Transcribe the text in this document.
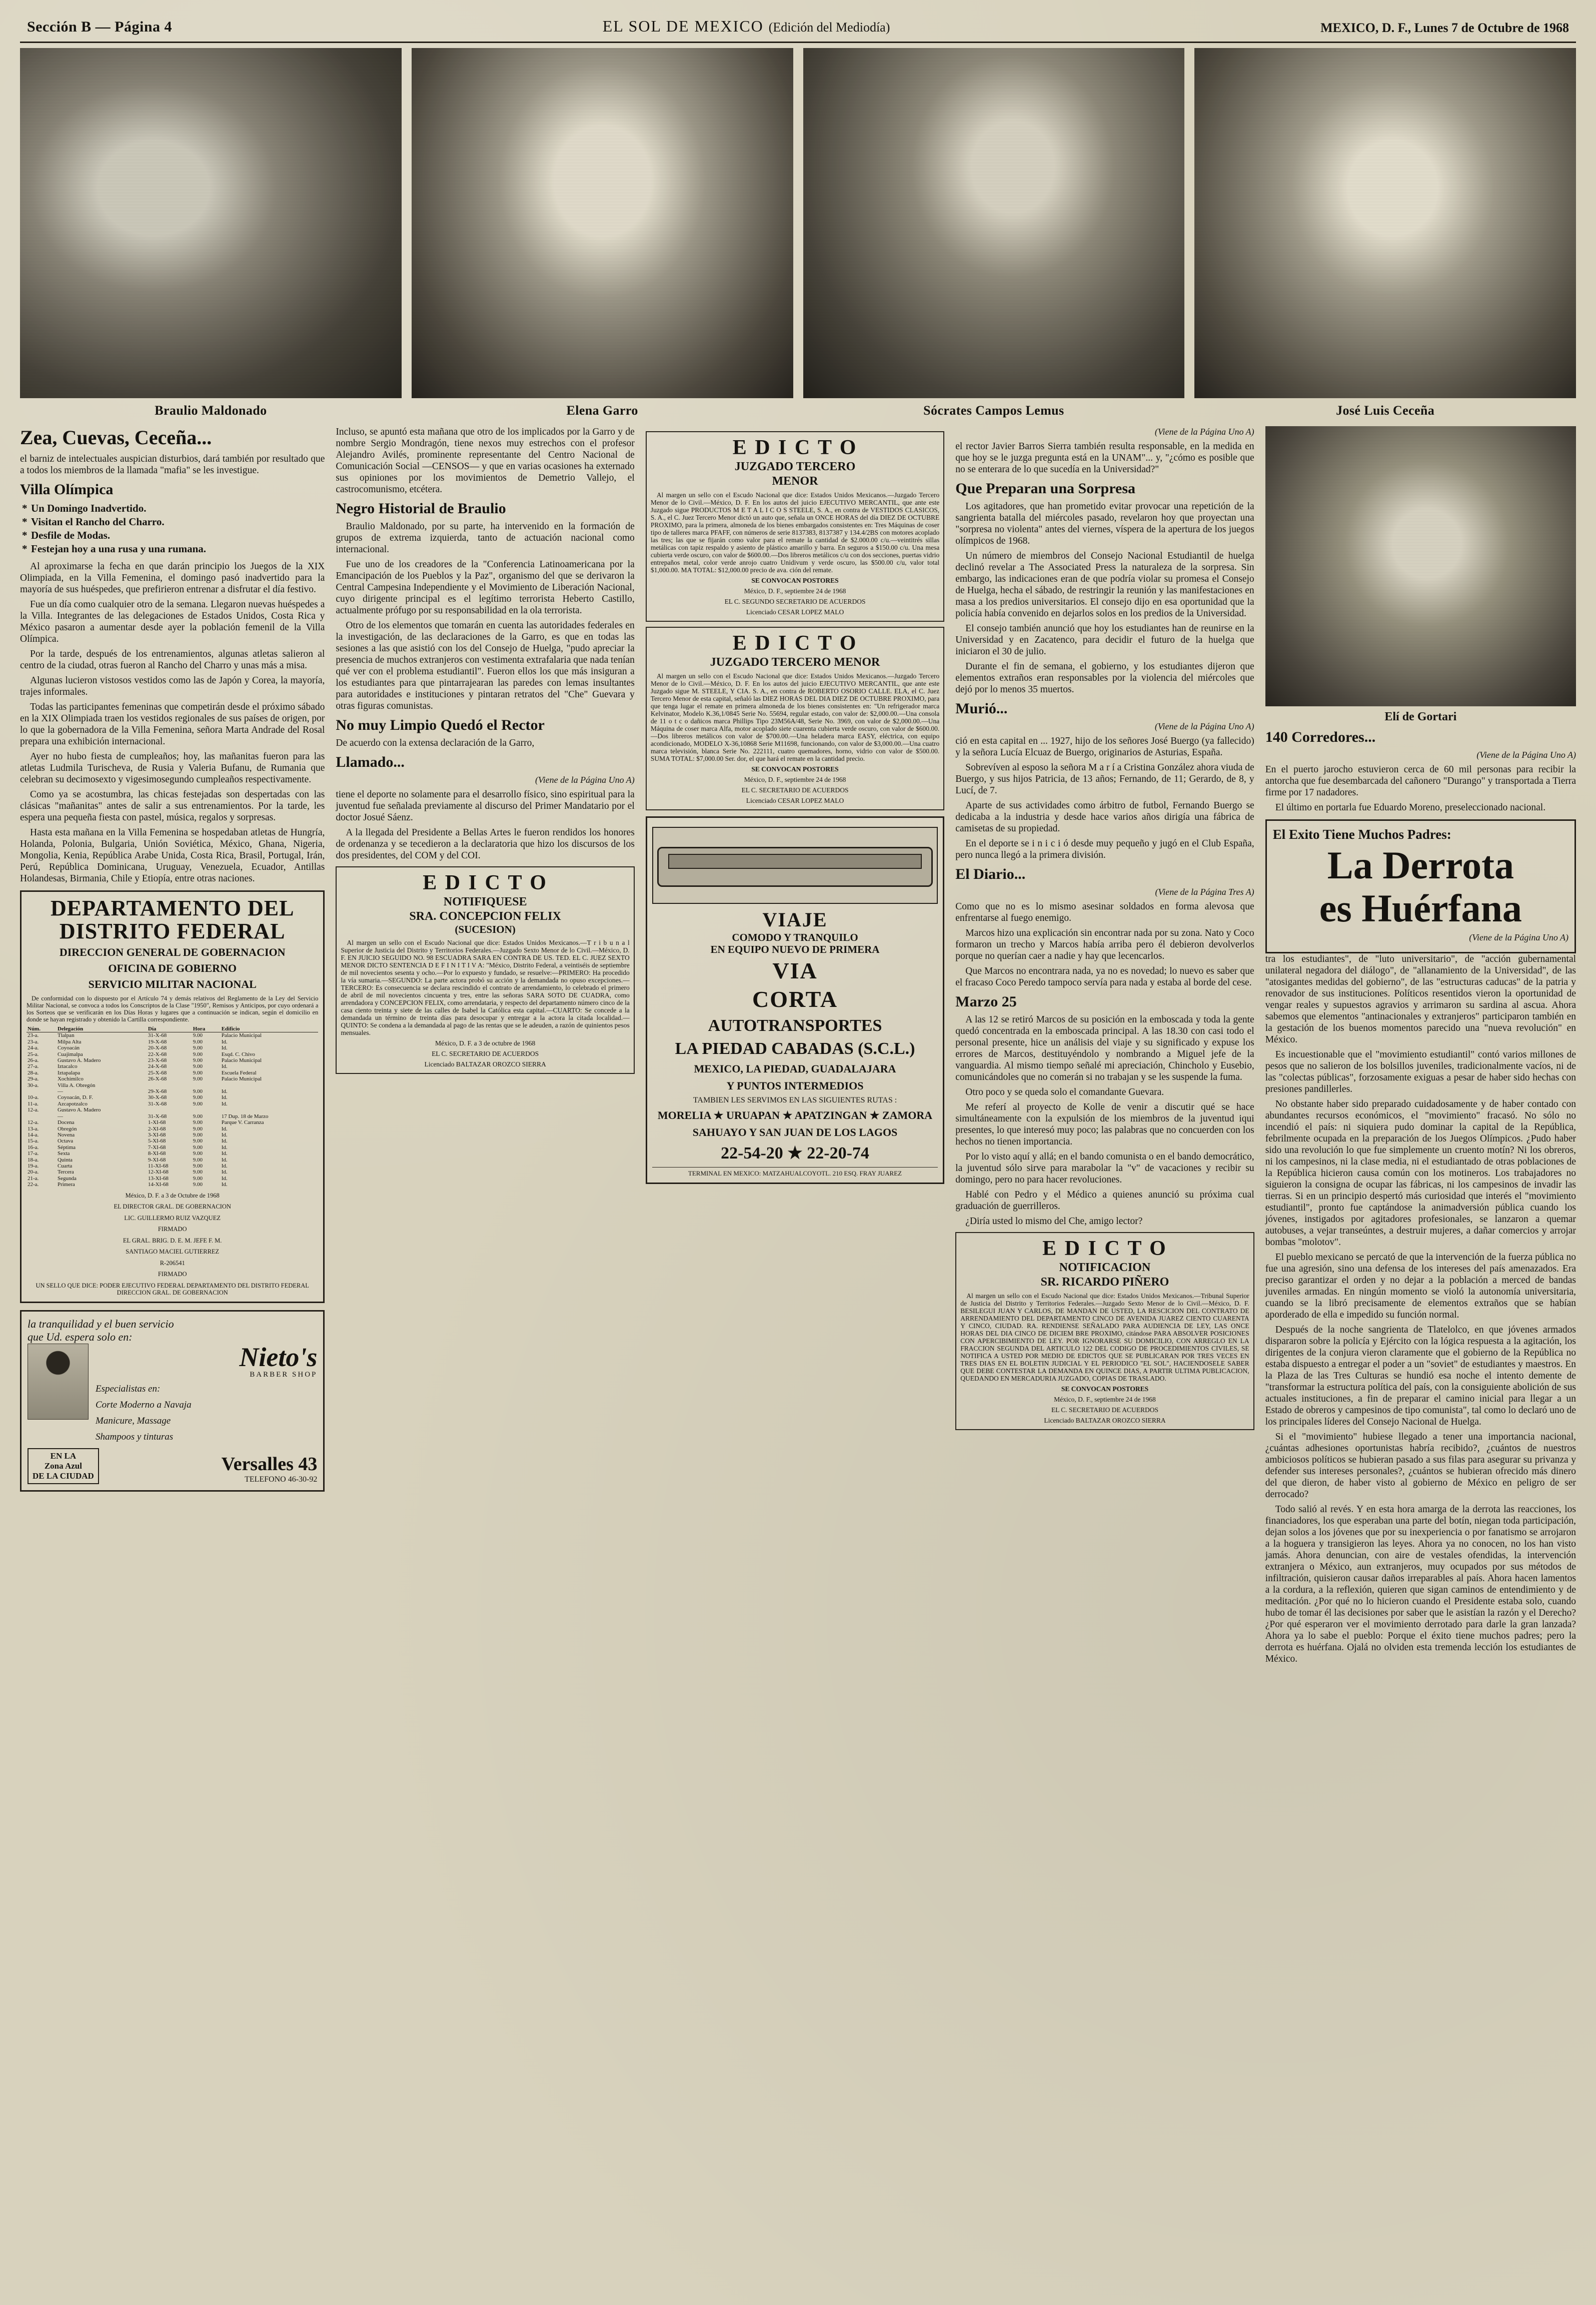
Sección B — Página 4	EL SOL DE MEXICO (Edición del Mediodía)	MEXICO, D. F., Lunes 7 de Octubre de 1968
Braulio Maldonado	Elena Garro	Sócrates Campos Lemus	José Luis Ceceña
Zea, Cuevas, Ceceña...

el barniz de intelectuales auspician disturbios, dará también por resultado que a todos los miembros de la llamada "mafia" se les investigue.

Villa Olímpica
* Un Domingo Inadvertido.
* Visitan el Rancho del Charro.
* Desfile de Modas.
* Festejan hoy a una rusa y una rumana.

Al aproximarse la fecha en que darán principio los Juegos de la XIX Olimpiada, en la Villa Femenina, el domingo pasó inadvertido para la mayoría de sus huéspedes, que prefirieron entrenar a disfrutar el día festivo.

Fue un día como cualquier otro de la semana. Llegaron nuevas huéspedes a la Villa. Integrantes de las delegaciones de Estados Unidos, Costa Rica y México pasaron a aumentar desde ayer la población femenil de la Villa Olímpica.

Por la tarde, después de los entrenamientos, algunas atletas salieron al centro de la ciudad, otras fueron al Rancho del Charro y unas más a misa.

Algunas lucieron vistosos vestidos como las de Japón y Corea, la mayoría, trajes informales.

Todas las participantes femeninas que competirán desde el próximo sábado en la XIX Olimpiada traen los vestidos regionales de sus países de origen, por lo que la gobernadora de la Villa Femenina, señora Marta Andrade del Rosal prepara una exhibición internacional.

Ayer no hubo fiesta de cumpleaños; hoy, las mañanitas fueron para las atletas Ludmila Turischeva, de Rusia y Valeria Bufanu, de Rumania que celebran su decimosexto y vigesimosegundo cumpleaños respectivamente.

Como ya se acostumbra, las chicas festejadas son despertadas con las clásicas "mañanitas" antes de salir a sus entrenamientos. Por la tarde, les espera una pequeña fiesta con pastel, música, regalos y sorpresas.

Hasta esta mañana en la Villa Femenina se hospedaban atletas de Hungría, Holanda, Polonia, Bulgaria, Unión Soviética, México, Ghana, Nigeria, Mongolia, Kenia, República Arabe Unida, Costa Rica, Brasil, Portugal, Irán, Perú, República Dominicana, Uruguay, Venezuela, Ecuador, Antillas Holandesas, Birmania, Chile y Etiopía, entre otras naciones.

DEPARTAMENTO DEL
DISTRITO FEDERAL
DIRECCION GENERAL DE GOBERNACION
OFICINA DE GOBIERNO
SERVICIO MILITAR NACIONAL
De conformidad con lo dispuesto por el Artículo 74 y demás relativos del Reglamento de la Ley del Servicio Militar Nacional, se convoca a todos los Conscriptos de la Clase "1950", Remisos y Anticipos, por cuyo ordenará a los Sorteos que se verificarán en los Días Horas y lugares que a continuación se indican, según el domicilio en donde se hayan registrado y obtenido la Cartilla correspondiente.
Núm.	Delegación	Día	Hora	Edificio
23-a.	Tlalpan	31-X-68	9.00	Palacio Municipal
23-a.	Milpa Alta	19-X-68	9.00	Id.
24-a.	Coyoacán	20-X-68	9.00	Id.
25-a.	Cuajimalpa	22-X-68	9.00	Esqd. C. Chivo
26-a.	Gustavo A. Madero	23-X-68	9.00	Palacio Municipal
27-a.	Iztacalco	24-X-68	9.00	Id.
28-a.	Iztapalapa	25-X-68	9.00	Escuela Federal
29-a.	Xochimilco	26-X-68	9.00	Palacio Municipal
30-a.	Villa A. Obregón			
	—	29-X-68	9.00	Id.
10-a.	Coyoacán, D. F.	30-X-68	9.00	Id.
11-a.	Azcapotzalco	31-X-68	9.00	Id.
12-a.	Gustavo A. Madero			
	—	31-X-68	9.00	17 Dup. 18 de Marzo
12-a.	Docena	1-XI-68	9.00	Parque V. Carranza
13-a.	Obregón	2-XI-68	9.00	Id.
14-a.	Novena	3-XI-68	9.00	Id.
15-a.	Octava	5-XI-68	9.00	Id.
16-a.	Séptima	7-XI-68	9.00	Id.
17-a.	Sexta	8-XI-68	9.00	Id.
18-a.	Quinta	9-XI-68	9.00	Id.
19-a.	Cuarta	11-XI-68	9.00	Id.
20-a.	Tercera	12-XI-68	9.00	Id.
21-a.	Segunda	13-XI-68	9.00	Id.
22-a.	Primera	14-XI-68	9.00	Id.
México, D. F. a 3 de Octubre de 1968
EL DIRECTOR GRAL. DE GOBERNACION
LIC. GUILLERMO RUIZ VAZQUEZ
FIRMADO
EL GRAL. BRIG. D. E. M. JEFE F. M.
SANTIAGO MACIEL GUTIERREZ
R-206541
FIRMADO
UN SELLO QUE DICE: PODER EJECUTIVO FEDERAL DEPARTAMENTO DEL DISTRITO FEDERAL DIRECCION GRAL. DE GOBERNACION
la tranquilidad y el buen servicio
que Ud. espera solo en:
Nieto's
BARBER SHOP
Especialistas en:
Corte Moderno a Navaja
Manicure, Massage
Shampoos y tinturas
EN LA
Zona Azul
DE LA CIUDAD
Versalles 43
TELEFONO 46-30-92

Incluso, se apuntó esta mañana que otro de los implicados por la Garro y de nombre Sergio Mondragón, tiene nexos muy estrechos con el profesor Alejandro Avilés, prominente representante del Centro Nacional de Comunicación Social —CENSOS— y que en varias ocasiones ha externado sus opiniones por los movimientos de Demetrio Vallejo, el castrocomunismo, etcétera.

Negro Historial de Braulio

Braulio Maldonado, por su parte, ha intervenido en la formación de grupos de extrema izquierda, tanto de actuación nacional como internacional.

Fue uno de los creadores de la "Conferencia Latinoamericana por la Emancipación de los Pueblos y la Paz", organismo del que se derivaron la Central Campesina Independiente y el Movimiento de Liberación Nacional, cuyo dirigente principal es el legítimo terrorista Heberto Castillo, actualmente prófugo por su responsabilidad en la ola terrorista.

Otro de los elementos que tomarán en cuenta las autoridades federales en la investigación, de las declaraciones de la Garro, es que en todas las sesiones a las que asistió con los del Consejo de Huelga, "pudo apreciar la presencia de muchos extranjeros con vestimenta extrafalaria que nada tenían qué ver con el problema estudiantil". Fueron ellos los que más insiguran a los estudiantes para que pintarrajearan las paredes con lemas insultantes para autoridades e instituciones y pintaran retratos del "Che" Guevara y otras figuras comunistas.

No muy Limpio Quedó el Rector

De acuerdo con la extensa declaración de la Garro,

Llamado...

(Viene de la Página Uno A)

tiene el deporte no solamente para el desarrollo físico, sino espiritual para la juventud fue señalada previamente al discurso del Primer Mandatario por el doctor Josué Sáenz.

A la llegada del Presidente a Bellas Artes le fueron rendidos los honores de ordenanza y se tecedieron a la declaratoria que hizo los discursos de los dos presidentes, del COM y del COI.

E D I C T O
NOTIFIQUESE
SRA. CONCEPCION FELIX
(SUCESION)
Al margen un sello con el Escudo Nacional que dice: Estados Unidos Mexicanos.—T r i b u n a l Superior de Justicia del Distrito y Territorios Federales.—Juzgado Sexto Menor de lo Civil.—México, D. F. EN JUICIO SEGUIDO NO. 98 ESCUADRA SARA EN CONTRA DE US. TED. EL C. JUEZ SEXTO MENOR DICTO SENTENCIA D E F I N I T I V A: "México, Distrito Federal, a veintiséis de septiembre de mil novecientos sesenta y ocho.—Por lo expuesto y fundado, se resuelve:—PRIMERO: Ha procedido la vía sumaria.—SEGUNDO: La parte actora probó su acción y la demandada no opuso excepciones.—TERCERO: Es consecuencia se declara rescindido el contrato de arrendamiento, lo celebrado el primero de abril de mil novecientos cincuenta y tres, entre las señoras SARA SOTO DE CUADRA, como arrendadora y CONCEPCION FELIX, como arrendataria, y respecto del departamento número cinco de la casa ciento treinta y siete de las calles de Isabel la Católica esta capital.—CUARTO: Se concede a la demandada un término de treinta días para desocupar y entregar a la actora la citada localidad.—QUINTO: Se condena a la demandada al pago de las rentas que se le adeuden, a razón de quinientos pesos mensuales.
México, D. F. a 3 de octubre de 1968
EL C. SECRETARIO DE ACUERDOS
Licenciado BALTAZAR OROZCO SIERRA
E D I C T O
JUZGADO TERCERO
MENOR
Al margen un sello con el Escudo Nacional que dice: Estados Unidos Mexicanos.—Juzgado Tercero Menor de lo Civil.—México, D. F. En los autos del juicio EJECUTIVO MERCANTIL, que ante este Juzgado sigue PRODUCTOS M E T A L I C O S STEELE, S. A., en contra de VESTIDOS CLASICOS, S. A., el C. Juez Tercero Menor dictó un auto que, señala un ONCE HORAS del día DIEZ DE OCTUBRE PROXIMO, para la primera, almoneda de los bienes embargados consistentes en: Tres Máquinas de coser tipo de talleres marca PFAFF, con números de serie 8137383, 8137387 y 134.4/2BS con motores acoplado las tres; las que se fijarán como valor para el remate la cantidad de $2.000.00 c/u.—veintitrés sillas metálicas con tapiz respaldo y asiento de plástico amarillo y barra. En seguros a $150.00 c/u. Una mesa cubierta verde oscuro, con valor de $600.00.—Dos libreros metálicos c/u con dos secciones, puertas vidrio entrepaños metal, color verde anrojo cuatro Unidivum y verde oscuro, las $500.00 c/u, valor total $1,000.00. MA TOTAL: $12,000.00 precio de ava. ción del remate.
SE CONVOCAN POSTORES
México, D. F., septiembre 24 de 1968
EL C. SEGUNDO SECRETARIO DE ACUERDOS
Licenciado CESAR LOPEZ MALO
E D I C T O
JUZGADO TERCERO MENOR
Al margen un sello con el Escudo Nacional que dice: Estados Unidos Mexicanos.—Juzgado Tercero Menor de lo Civil.—México, D. F. En los autos del juicio EJECUTIVO MERCANTIL, que ante este Juzgado sigue M. STEELE, Y CIA. S. A., en contra de ROBERTO OSORIO CALLE. ELA, el C. Juez Tercero Menor de esta capital, señaló las DIEZ HORAS DEL DIA DIEZ DE OCTUBRE PROXIMO, para que tenga lugar el remate en primera almoneda de los bienes consistentes en: "Un refrigerador marca Kelvinator, Modelo K.36,1/0845 Serie No. 55694, regular estado, con valor de: $2,000.00.—Una consola de 11 o t c o dañicos marca Phillips Tipo 23M56A/48, Serie No. 3969, con valor de $2,000.00.—Una Máquina de coser marca Alfa, motor acoplado siete cuarenta cubierta verde oscuro, con valor de $600.00.—Dos libreros metálicos con valor de $700.00.—Una heladera marca EASY, eléctrica, con equipo acondicionado, MODELO X-36,10868 Serie M11698, funcionando, con valor de $3,000.00.—Una cuatro marca televisión, blanca Serie No. 222111, cuatro quemadores, horno, vidrio con valor de $500.00. SUMA TOTAL: $7,000.00 Ser. dor, el que hará el remate en la cantidad precio.
SE CONVOCAN POSTORES
México, D. F., septiembre 24 de 1968
EL C. SECRETARIO DE ACUERDOS
Licenciado CESAR LOPEZ MALO
VIAJE
COMODO Y TRANQUILO
EN EQUIPO NUEVO DE PRIMERA
VIA
CORTA
AUTOTRANSPORTES
LA PIEDAD CABADAS (S.C.L.)
MEXICO, LA PIEDAD, GUADALAJARA
Y PUNTOS INTERMEDIOS
TAMBIEN LES SERVIMOS EN LAS SIGUIENTES RUTAS :
MORELIA ★ URUAPAN ★ APATZINGAN ★ ZAMORA
SAHUAYO Y SAN JUAN DE LOS LAGOS
22-54-20 ★ 22-20-74
TERMINAL EN MEXICO: MATZAHUALCOYOTL. 210 ESQ. FRAY JUAREZ

(Viene de la Página Uno A)

el rector Javier Barros Sierra también resulta responsable, en la medida en que hoy se le juzga pregunta está en la UNAM"... y, "¿cómo es posible que no se enterara de lo que sucedía en la Universidad?"

Que Preparan una Sorpresa

Los agitadores, que han prometido evitar provocar una repetición de la sangrienta batalla del miércoles pasado, revelaron hoy que proyectan una "sorpresa no violenta" antes del viernes, víspera de la apertura de los juegos olímpicos de 1968.

Un número de miembros del Consejo Nacional Estudiantil de huelga declinó revelar a The Associated Press la naturaleza de la sorpresa. Sin embargo, las indicaciones eran de que podría violar su promesa el Consejo de Huelga, hecha el sábado, de restringir la reunión y las manifestaciones en masa a los predios universitarios. El consejo dijo en esa oportunidad que la policía había convenido en dejarlos solos en los predios de la Universidad.

El consejo también anunció que hoy los estudiantes han de reunirse en la Universidad y en Zacatenco, para decidir el futuro de la huelga que iniciaron el 30 de julio.

Durante el fin de semana, el gobierno, y los estudiantes dijeron que elementos extraños eran responsables por la violencia del miércoles que dejó por lo menos 35 muertos.

Murió...

(Viene de la Página Uno A)

ció en esta capital en ... 1927, hijo de los señores José Buergo (ya fallecido) y la señora Lucía Elcuaz de Buergo, originarios de Asturias, España.

Sobrevíven al esposo la señora M a r í a Cristina González ahora viuda de Buergo, y sus hijos Patricia, de 13 años; Fernando, de 11; Gerardo, de 8, y Lucí, de 7.

Aparte de sus actividades como árbitro de futbol, Fernando Buergo se dedicaba a la industria y desde hace varios años dirigía una fábrica de camisetas de su propiedad.

En el deporte se i n i c i ó desde muy pequeño y jugó en el Club España, pero nunca llegó a la primera división.

El Diario...

(Viene de la Página Tres A)

Como que no es lo mismo asesinar soldados en forma alevosa que enfrentarse al fuego enemigo.

Marcos hizo una explicación sin encontrar nada por su zona. Nato y Coco formaron un trecho y Marcos había arriba pero él debieron devolverlos porque no querían caer a nadie y hay que lecencarlos.

Que Marcos no encontrara nada, ya no es novedad; lo nuevo es saber que el fracaso Coco Peredo tampoco servía para nada y estaba al borde del cese.

Marzo 25

A las 12 se retiró Marcos de su posición en la emboscada y toda la gente quedó concentrada en la emboscada principal. A las 18.30 con casi todo el personal presente, hice un análisis del viaje y su significado y expuse los errores de Marcos, destituyéndolo y nombrando a Miguel jefe de la vanguardia. Al mismo tiempo señalé mi apreciación, Chincholo y Eusebio, comunicándoles que no comerán si no trabajan y se les suspende la fuma.

Otro poco y se queda solo el comandante Guevara.

Me referí al proyecto de Kolle de venir a discutir qué se hace simultáneamente con la expulsión de los miembros de la juventud iqui presentes, lo que interesó muy poco; las palabras que no concuerden con los hechos no tienen importancia.

Por lo visto aquí y allá; en el bando comunista o en el bando democrático, la juventud sólo sirve para marabolar la "v" de vacaciones y recibir su domingo, pero no para hacer revoluciones.

Hablé con Pedro y el Médico a quienes anunció su próxima cual graduación de guerrilleros.

¿Diría usted lo mismo del Che, amigo lector?

E D I C T O
NOTIFICACION
SR. RICARDO PIÑERO
Al margen un sello con el Escudo Nacional que dice: Estados Unidos Mexicanos.—Tribunal Superior de Justicia del Distrito y Territorios Federales.—Juzgado Sexto Menor de lo Civil.—México, D. F. BESILEGUI JUAN Y CARLOS, DE MANDAN DE USTED, LA RESCICION DEL CONTRATO DE ARRENDAMIENTO DEL DEPARTAMENTO CINCO DE AVENIDA JUAREZ CIENTO CUARENTA Y CINCO, CIUDAD. RA. RENDIENSE SEÑALADO PARA AUDIENCIA DE LEY, LAS ONCE HORAS DEL DIA CINCO DE DICIEM BRE PROXIMO, citándose PARA ABSOLVER POSICIONES CON APERCIBIMIENTO DE LEY. POR IGNORARSE SU DOMICILIO, CON ARREGLO EN LA FRACCION SEGUNDA DEL ARTICULO 122 DEL CODIGO DE PROCEDIMIENTOS CIVILES, SE NOTIFICA A USTED POR MEDIO DE EDICTOS QUE SE PUBLICARAN POR TRES VECES EN TRES DIAS EN EL BOLETIN JUDICIAL Y EL PERIODICO "EL SOL", HACIENDOSELE SABER QUE DEBE CONTESTAR LA DEMANDA EN QUINCE DIAS, A PARTIR ULTIMA PUBLICACION, QUEDANDO EN MERCADURIA JUZGADO, COPIAS DE TRASLADO.
SE CONVOCAN POSTORES
México, D. F., septiembre 24 de 1968
EL C. SECRETARIO DE ACUERDOS
Licenciado BALTAZAR OROZCO SIERRA
Elí de Gortari
140 Corredores...

(Viene de la Página Uno A)

En el puerto jarocho estuvieron cerca de 60 mil personas para recibir la antorcha que fue desembarcada del cañonero "Durango" y transportada a Tierra firme por 17 nadadores.

El último en portarla fue Eduardo Moreno, preseleccionado nacional.

El Exito Tiene Muchos Padres:
La Derrota
es Huérfana
(Viene de la Página Uno A)

tra los estudiantes", de "luto universitario", de "acción gubernamental unilateral negadora del diálogo", de "allanamiento de la Universidad", de las "atosigantes medidas del gobierno", de las "estructuras caducas" de la patria y renovador de sus instituciones. Políticos resentidos vieron la oportunidad de vengar reales y supuestos agravios y arrimaron su sardina al ascua. Ahora sabemos que elementos "antinacionales y extranjeros" participaron también en la gestación de los buenos momentos parecido una "nueva revolución" en México.

Es incuestionable que el "movimiento estudiantil" contó varios millones de pesos que no salieron de los bolsillos juveniles, tradicionalmente vacíos, ni de las "colectas públicas", forzosamente exiguas a pesar de haber sido hechas con presiones pandillerles.

No obstante haber sido preparado cuidadosamente y de haber contado con abundantes recursos económicos, el "movimiento" fracasó. No sólo no incendió el país: ni siquiera pudo dominar la capital de la República, febrilmente ocupada en la preparación de los Juegos Olímpicos. ¿Pudo haber sido una revolución lo que fue simplemente un cruento motín? Ni los obreros, ni los campesinos, ni la clase media, ni el estudiantado de otras poblaciones de la República hicieron causa común con los motineros. Los trabajadores no siguieron la consigna de ocupar las fábricas, ni los campesinos de invadir las tierras. Si en un principio despertó más curiosidad que interés el "movimiento estudiantil", pronto fue captándose la animadversión pública cuando los jóvenes, instigados por agitadores profesionales, se lanzaron a quemar autobuses, a vejar transeúntes, a destruir mujeres, a dañar comercios y arrojar bombas "molotov".

El pueblo mexicano se percató de que la intervención de la fuerza pública no fue una agresión, sino una defensa de los intereses del país amenazados. Era preciso garantizar el orden y no dejar a la población a merced de bandas juveniles armadas. En ningún momento se violó la autonomía universitaria, cuando se la libró precisamente de elementos extraños que se habían aporderado de ella e impedido su función normal.

Después de la noche sangrienta de Tlatelolco, en que jóvenes armados dispararon sobre la policía y Ejército con la lógica respuesta a la agitación, los dirigentes de la conjura vieron claramente que el gobierno de la República no estaba dispuesto a entregar el poder a un "soviet" de estudiantes y maestros. En la Plaza de las Tres Culturas se hundió esa noche el intento demente de "transformar la estructura política del país, con la consiguiente abolición de sus actuales instituciones, a fin de preparar el camino inicial para llegar a un Estado de obreros y campesinos de tipo comunista", tal como lo declaró uno de los principales líderes del Consejo Nacional de Huelga.

Si el "movimiento" hubiese llegado a tener una importancia nacional, ¿cuántas adhesiones oportunistas habría recibido?, ¿cuántos de nuestros ambiciosos políticos se hubieran pasado a sus filas para asegurar su privanza y defender sus intereses personales?, ¿cuántos se hubieran ofrecido más dinero del que dieron, de haber visto al gobierno de México en peligro de ser derrocado?

Todo salió al revés. Y en esta hora amarga de la derrota las reacciones, los financiadores, los que esperaban una parte del botín, niegan toda participación, dejan solos a los jóvenes que por su inexperiencia o por fanatismo se arrojaron a la hoguera y transigieron las leyes. Ahora ya no conocen, no los han visto jamás. Ahora denuncian, con aire de vestales ofendidas, la intervención extranjera o México, aun extranjeros, muy ocupados por sus métodos de infiltración, quisieron causar daños irreparables al país. Ahora hacen lamentos a la cordura, a la reflexión, quieren que sigan caminos de entendimiento y de meditación. ¿Por qué no lo hicieron cuando el Presidente estaba solo, cuando hubo de tomar él las decisiones por saber que le asistían la razón y el Derecho? ¿Por qué esperaron ver el movimiento derrotado para darle la gran lanzada? Ahora ya lo sabe el pueblo: Porque el éxito tiene muchos padres; pero la derrota es huérfana. Ojalá no olviden esta tremenda lección los estudiantes de México.
